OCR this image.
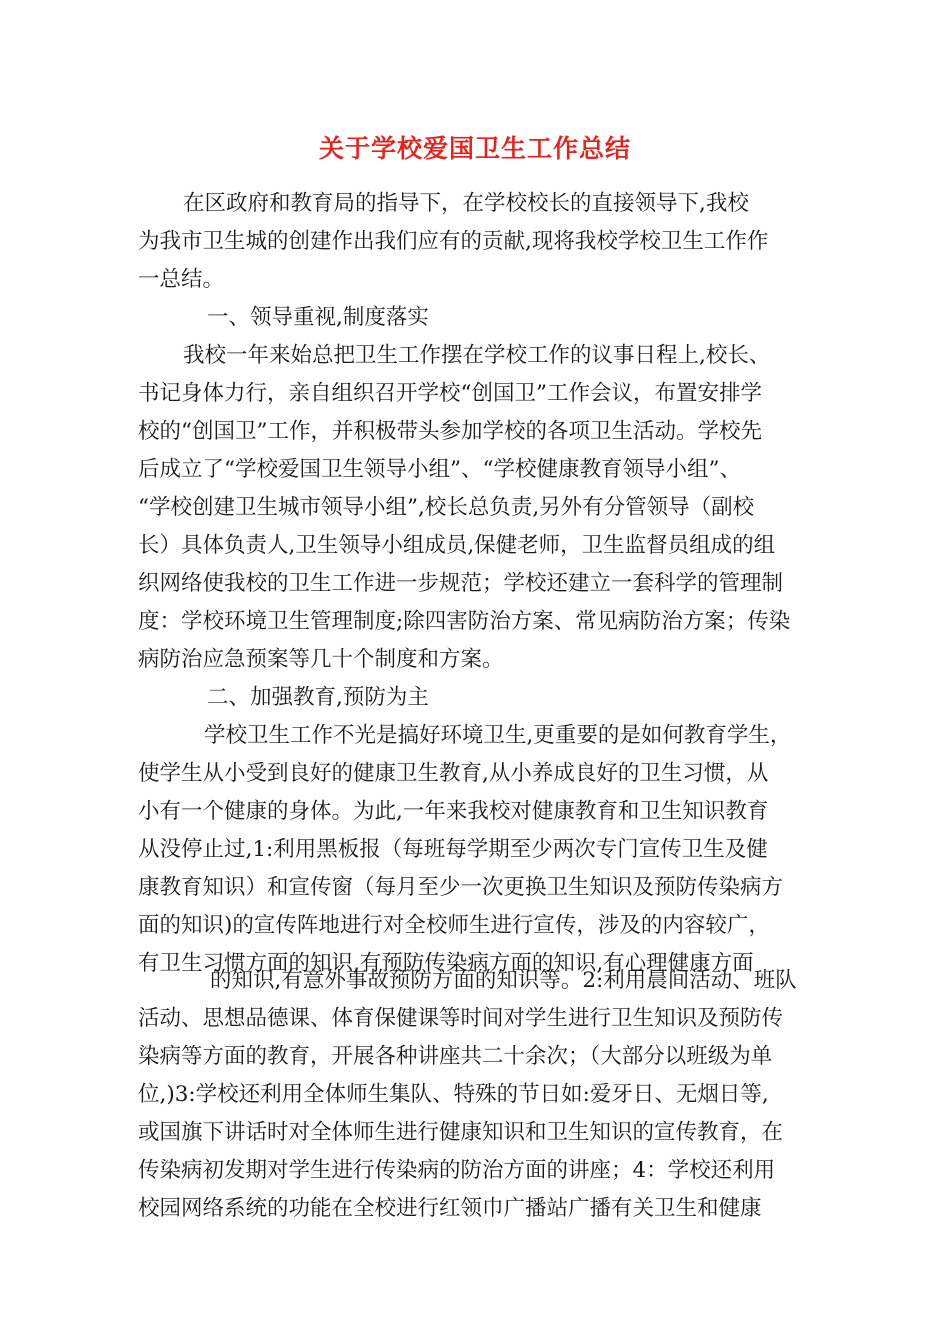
关于学校爱国卫生工作总结
在区政府和教育局的指导下，在学校校长的直接领导下,我校
为我市卫生城的创建作出我们应有的贡献,现将我校学校卫生工作作
一总结。
一、领导重视,制度落实
我校一年来始总把卫生工作摆在学校工作的议事日程上,校长、
书记身体力行，亲自组织召开学校“创国卫”工作会议，布置安排学
校的“创国卫”工作，并积极带头参加学校的各项卫生活动。学校先
后成立了“学校爱国卫生领导小组”、“学校健康教育领导小组”、
“学校创建卫生城市领导小组”,校长总负责,另外有分管领导（副校
长）具体负责人,卫生领导小组成员,保健老师，卫生监督员组成的组
织网络使我校的卫生工作进一步规范；学校还建立一套科学的管理制
度：学校环境卫生管理制度;除四害防治方案、常见病防治方案；传染
病防治应急预案等几十个制度和方案。
二、加强教育,预防为主
学校卫生工作不光是搞好环境卫生,更重要的是如何教育学生，
使学生从小受到良好的健康卫生教育,从小养成良好的卫生习惯，从
小有一个健康的身体。为此,一年来我校对健康教育和卫生知识教育
从没停止过,1:利用黑板报（每班每学期至少两次专门宣传卫生及健
康教育知识）和宣传窗（每月至少一次更换卫生知识及预防传染病方
面的知识)的宣传阵地进行对全校师生进行宣传，涉及的内容较广，
有卫生习惯方面的知识,有预防传染病方面的知识,有心理健康方面
的知识,有意外事故预防方面的知识等。2:利用晨间活动、班队
活动、思想品德课、体育保健课等时间对学生进行卫生知识及预防传
染病等方面的教育，开展各种讲座共二十余次；（大部分以班级为单
位,)3:学校还利用全体师生集队、特殊的节日如:爱牙日、无烟日等,
或国旗下讲话时对全体师生进行健康知识和卫生知识的宣传教育，在
传染病初发期对学生进行传染病的防治方面的讲座；4：学校还利用
校园网络系统的功能在全校进行红领巾广播站广播有关卫生和健康
